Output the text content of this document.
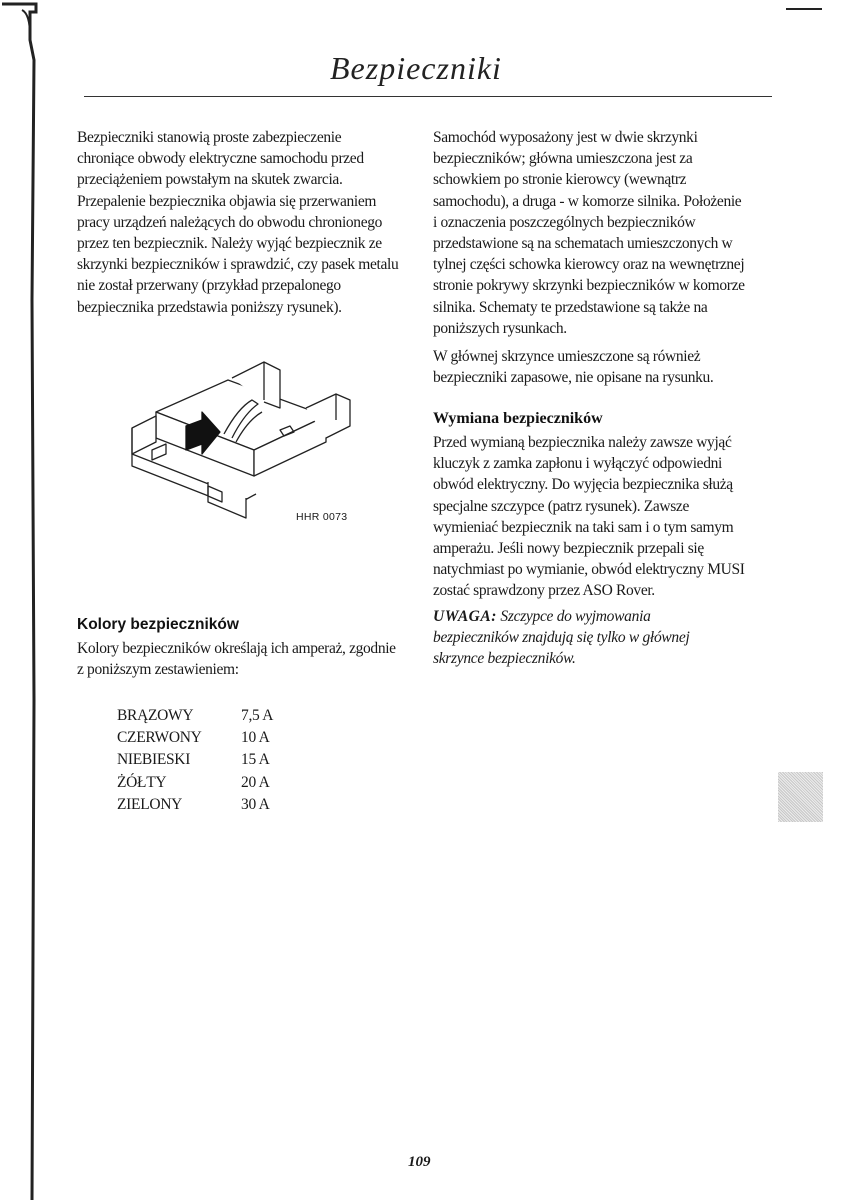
Bezpieczniki

Bezpieczniki stanowią proste zabezpieczenie

chroniące obwody elektryczne samochodu przed

przeciążeniem powstałym na skutek zwarcia.

Przepalenie bezpiecznika objawia się przerwaniem

pracy urządzeń należących do obwodu chronionego

przez ten bezpiecznik. Należy wyjąć bezpiecznik ze

skrzynki bezpieczników i sprawdzić, czy pasek metalu

nie został przerwany (przykład przepalonego

bezpiecznika przedstawia poniższy rysunek).

HHR 0073
Kolory bezpieczników

Kolory bezpieczników określają ich amperaż, zgodnie

z poniższym zestawieniem:

BRĄZOWY	7,5 A
CZERWONY	10 A
NIEBIESKI	15 A
ŻÓŁTY	20 A
ZIELONY	30 A

Samochód wyposażony jest w dwie skrzynki

bezpieczników; główna umieszczona jest za

schowkiem po stronie kierowcy (wewnątrz

samochodu), a druga - w komorze silnika. Położenie

i oznaczenia poszczególnych bezpieczników

przedstawione są na schematach umieszczonych w

tylnej części schowka kierowcy oraz na wewnętrznej

stronie pokrywy skrzynki bezpieczników w komorze

silnika. Schematy te przedstawione są także na

poniższych rysunkach.

W głównej skrzynce umieszczone są również

bezpieczniki zapasowe, nie opisane na rysunku.

Wymiana bezpieczników

Przed wymianą bezpiecznika należy zawsze wyjąć

kluczyk z zamka zapłonu i wyłączyć odpowiedni

obwód elektryczny. Do wyjęcia bezpiecznika służą

specjalne szczypce (patrz rysunek). Zawsze

wymieniać bezpiecznik na taki sam i o tym samym

amperażu. Jeśli nowy bezpiecznik przepali się

natychmiast po wymianie, obwód elektryczny MUSI

zostać sprawdzony przez ASO Rover.

UWAGA: Szczypce do wyjmowania
bezpieczników znajdują się tylko w głównej
skrzynce bezpieczników.
109
